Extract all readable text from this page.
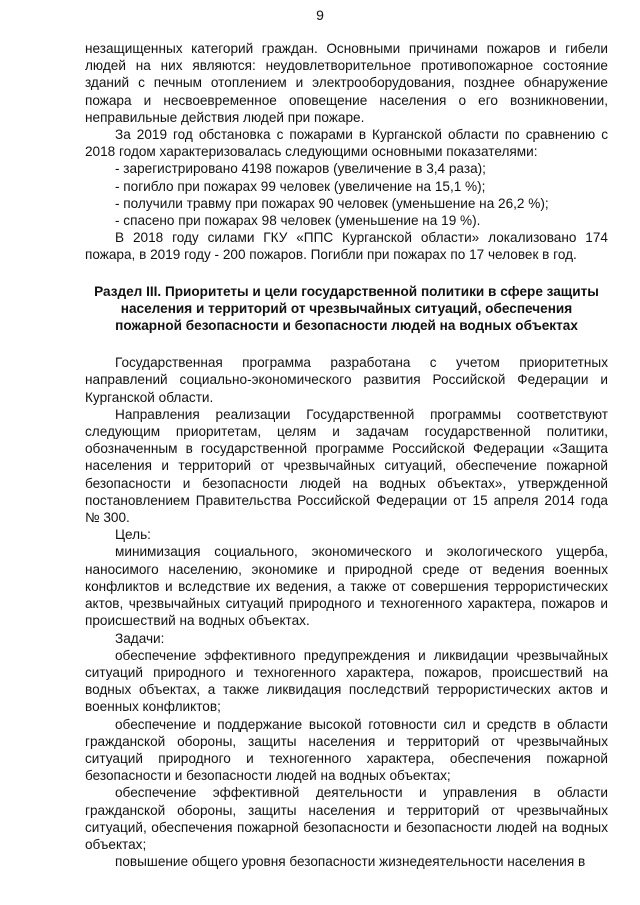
9

незащищенных категорий граждан. Основными причинами пожаров и гибели людей на них являются: неудовлетворительное противопожарное состояние зданий с печным отоплением и электрооборудования, позднее обнаружение пожара и несвоевременное оповещение населения о его возникновении, неправильные действия людей при пожаре.

За 2019 год обстановка с пожарами в Курганской области по сравнению с 2018 годом характеризовалась следующими основными показателями:

- зарегистрировано 4198 пожаров (увеличение в 3,4 раза);
- погибло при пожарах 99 человек (увеличение на 15,1 %);
- получили травму при пожарах 90 человек (уменьшение на 26,2 %);
- спасено при пожарах 98 человек (уменьшение на 19 %).

В 2018 году силами ГКУ «ППС Курганской области» локализовано 174 пожара, в 2019 году - 200 пожаров. Погибли при пожарах по 17 человек в год.

Раздел III. Приоритеты и цели государственной политики в сфере защиты
населения и территорий от чрезвычайных ситуаций, обеспечения
пожарной безопасности и безопасности людей на водных объектах

Государственная программа разработана с учетом приоритетных направлений социально-экономического развития Российской Федерации и Курганской области.

Направления реализации Государственной программы соответствуют следующим приоритетам, целям и задачам государственной политики, обозначенным в государственной программе Российской Федерации «Защита населения и территорий от чрезвычайных ситуаций, обеспечение пожарной безопасности и безопасности людей на водных объектах», утвержденной постановлением Правительства Российской Федерации от 15 апреля 2014 года № 300.

Цель:

минимизация социального, экономического и экологического ущерба, наносимого населению, экономике и природной среде от ведения военных конфликтов и вследствие их ведения, а также от совершения террористических актов, чрезвычайных ситуаций природного и техногенного характера, пожаров и происшествий на водных объектах.

Задачи:

обеспечение эффективного предупреждения и ликвидации чрезвычайных ситуаций природного и техногенного характера, пожаров, происшествий на водных объектах, а также ликвидация последствий террористических актов и военных конфликтов;

обеспечение и поддержание высокой готовности сил и средств в области гражданской обороны, защиты населения и территорий от чрезвычайных ситуаций природного и техногенного характера, обеспечения пожарной безопасности и безопасности людей на водных объектах;

обеспечение эффективной деятельности и управления в области гражданской обороны, защиты населения и территорий от чрезвычайных ситуаций, обеспечения пожарной безопасности и безопасности людей на водных объектах;

повышение общего уровня безопасности жизнедеятельности населения в
